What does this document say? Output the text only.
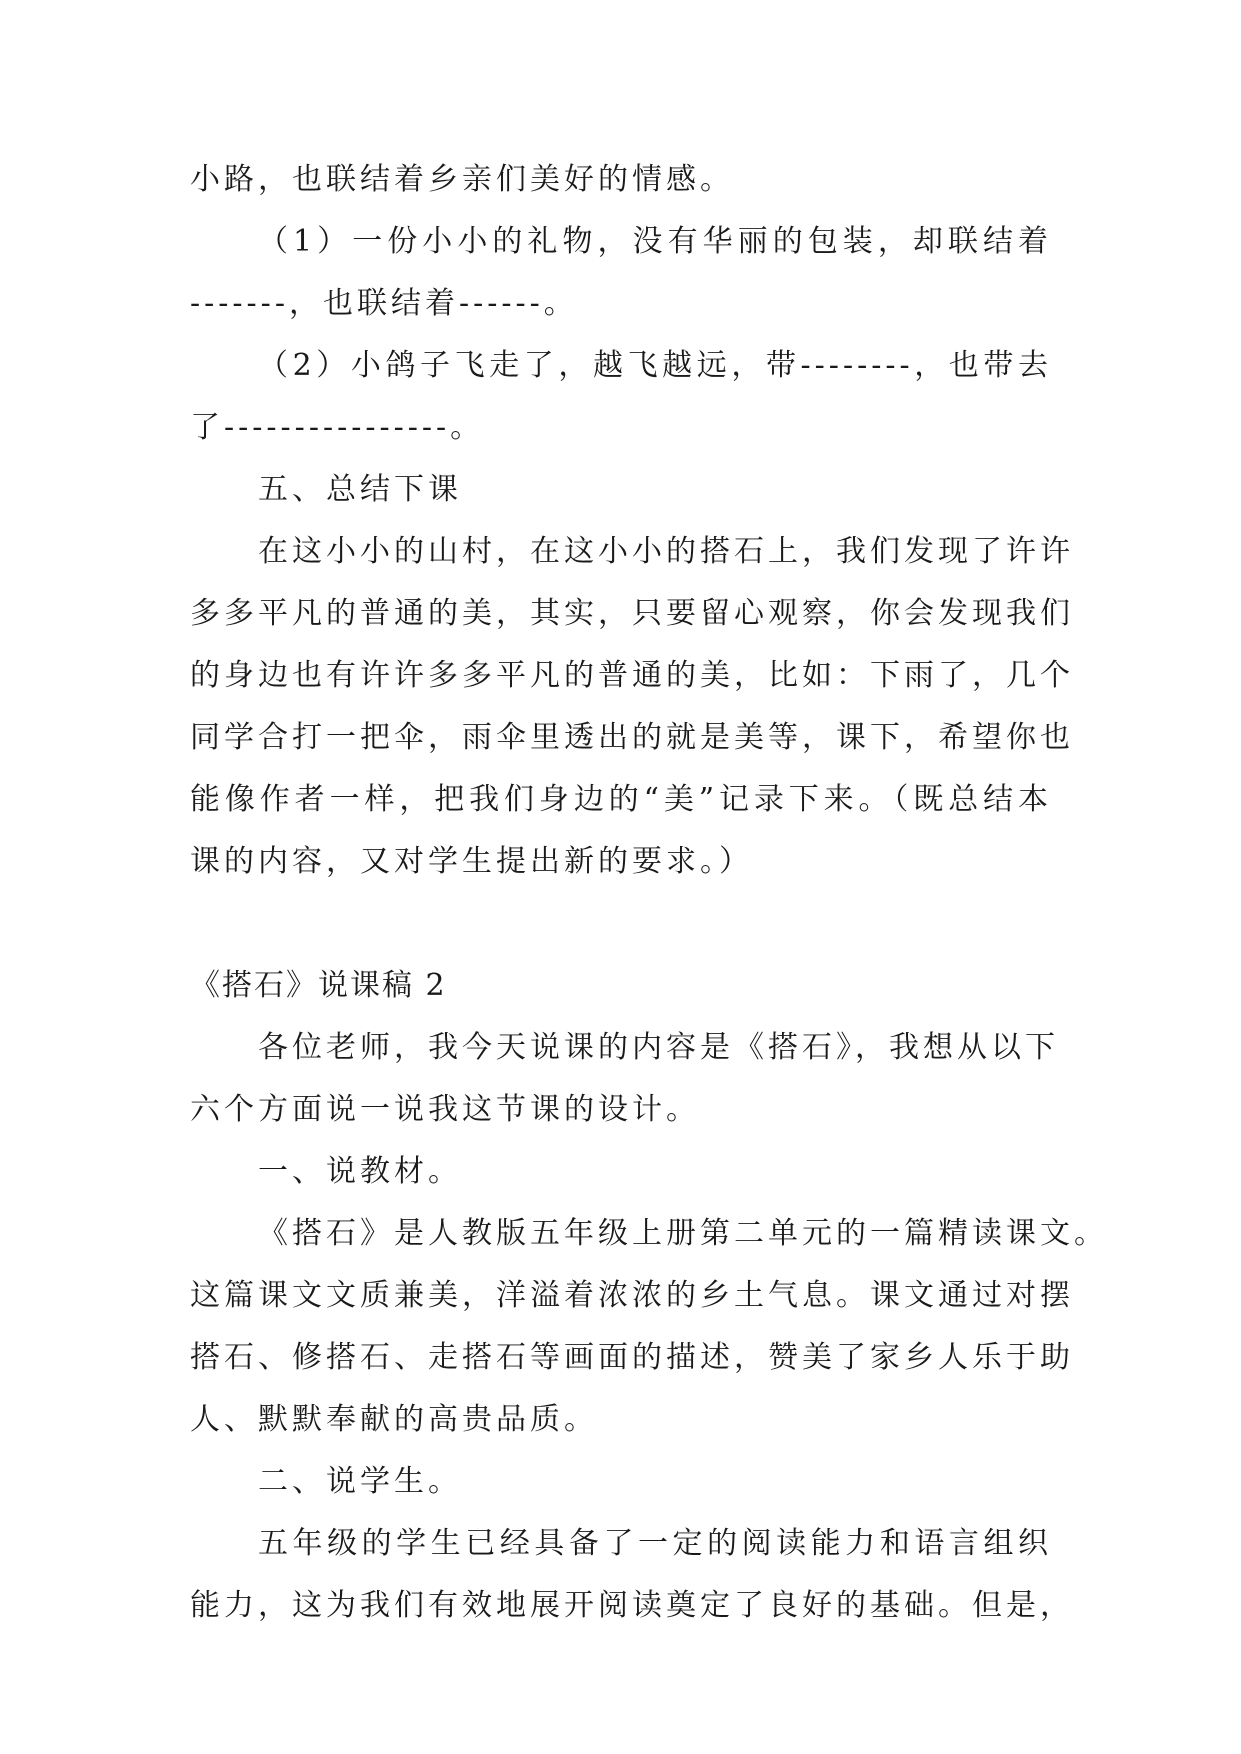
小路，也联结着乡亲们美好的情感。
（1）一份小小的礼物，没有华丽的包装，却联结着
-------，也联结着------。
（2）小鸽子飞走了，越飞越远，带--------，也带去
了----------------。
五、总结下课
在这小小的山村，在这小小的搭石上，我们发现了许许
多多平凡的普通的美，其实，只要留心观察，你会发现我们
的身边也有许许多多平凡的普通的美，比如：下雨了，几个
同学合打一把伞，雨伞里透出的就是美等，课下，希望你也
能像作者一样，把我们身边的“美”记录下来。（既总结本
课的内容，又对学生提出新的要求。）
《搭石》说课稿 2
各位老师，我今天说课的内容是《搭石》，我想从以下
六个方面说一说我这节课的设计。
一、说教材。
《搭石》是人教版五年级上册第二单元的一篇精读课文。
这篇课文文质兼美，洋溢着浓浓的乡土气息。课文通过对摆
搭石、修搭石、走搭石等画面的描述，赞美了家乡人乐于助
人、默默奉献的高贵品质。
二、说学生。
五年级的学生已经具备了一定的阅读能力和语言组织
能力，这为我们有效地展开阅读奠定了良好的基础。但是，
